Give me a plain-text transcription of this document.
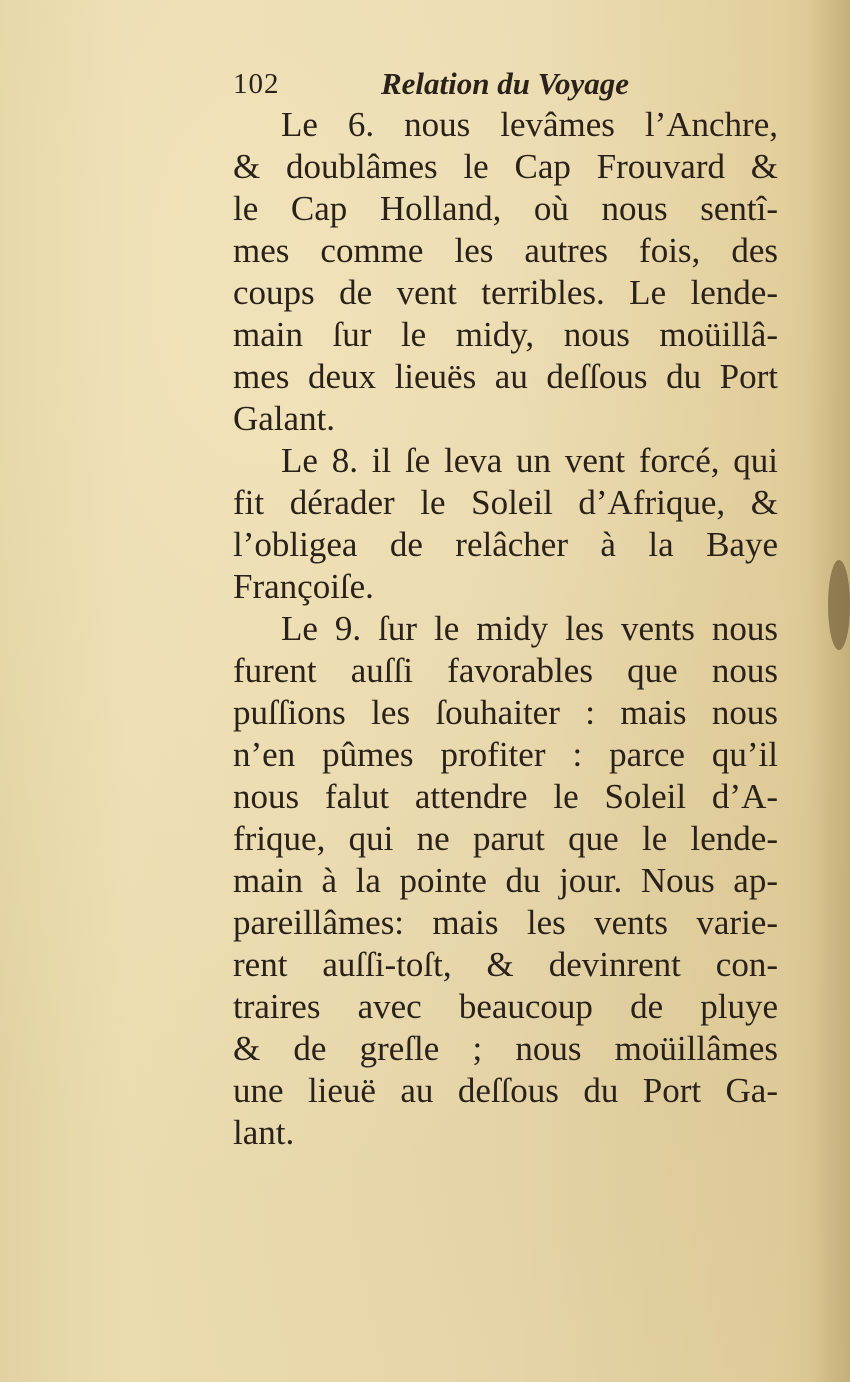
102	Relation du Voyage
Le 6. nous levâmes l’Anchre,
& doublâmes le Cap Frouvard &
le Cap Holland, où nous sentî-
mes comme les autres fois, des
coups de vent terribles. Le lende-
main ſur le midy, nous moüillâ-
mes deux lieuës au deſſous du Port
Galant.
Le 8. il ſe leva un vent forcé, qui
fit dérader le Soleil d’Afrique, &
l’obligea de relâcher à la Baye
Françoiſe.
Le 9. ſur le midy les vents nous
furent auſſi favorables que nous
puſſions les ſouhaiter : mais nous
n’en pûmes profiter : parce qu’il
nous falut attendre le Soleil d’A-
frique, qui ne parut que le lende-
main à la pointe du jour. Nous ap-
pareillâmes: mais les vents varie-
rent auſſi-toſt, & devinrent con-
traires avec beaucoup de pluye
& de greſle ; nous moüillâmes
une lieuë au deſſous du Port Ga-
lant.
